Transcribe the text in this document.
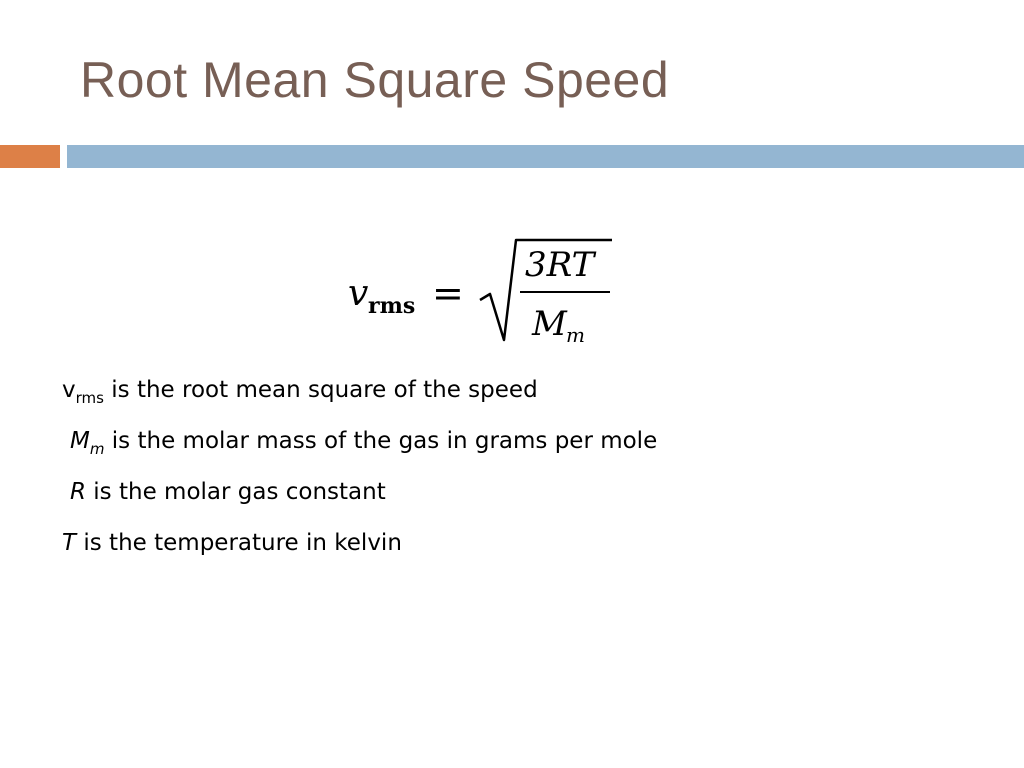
Root Mean Square Speed
v rms =
3RT
M m
$v_{rms}$ is the root mean square of the speed
$M_m$ is the molar mass of the gas in grams per mole
R is the molar gas constant
T is the temperature in kelvin
